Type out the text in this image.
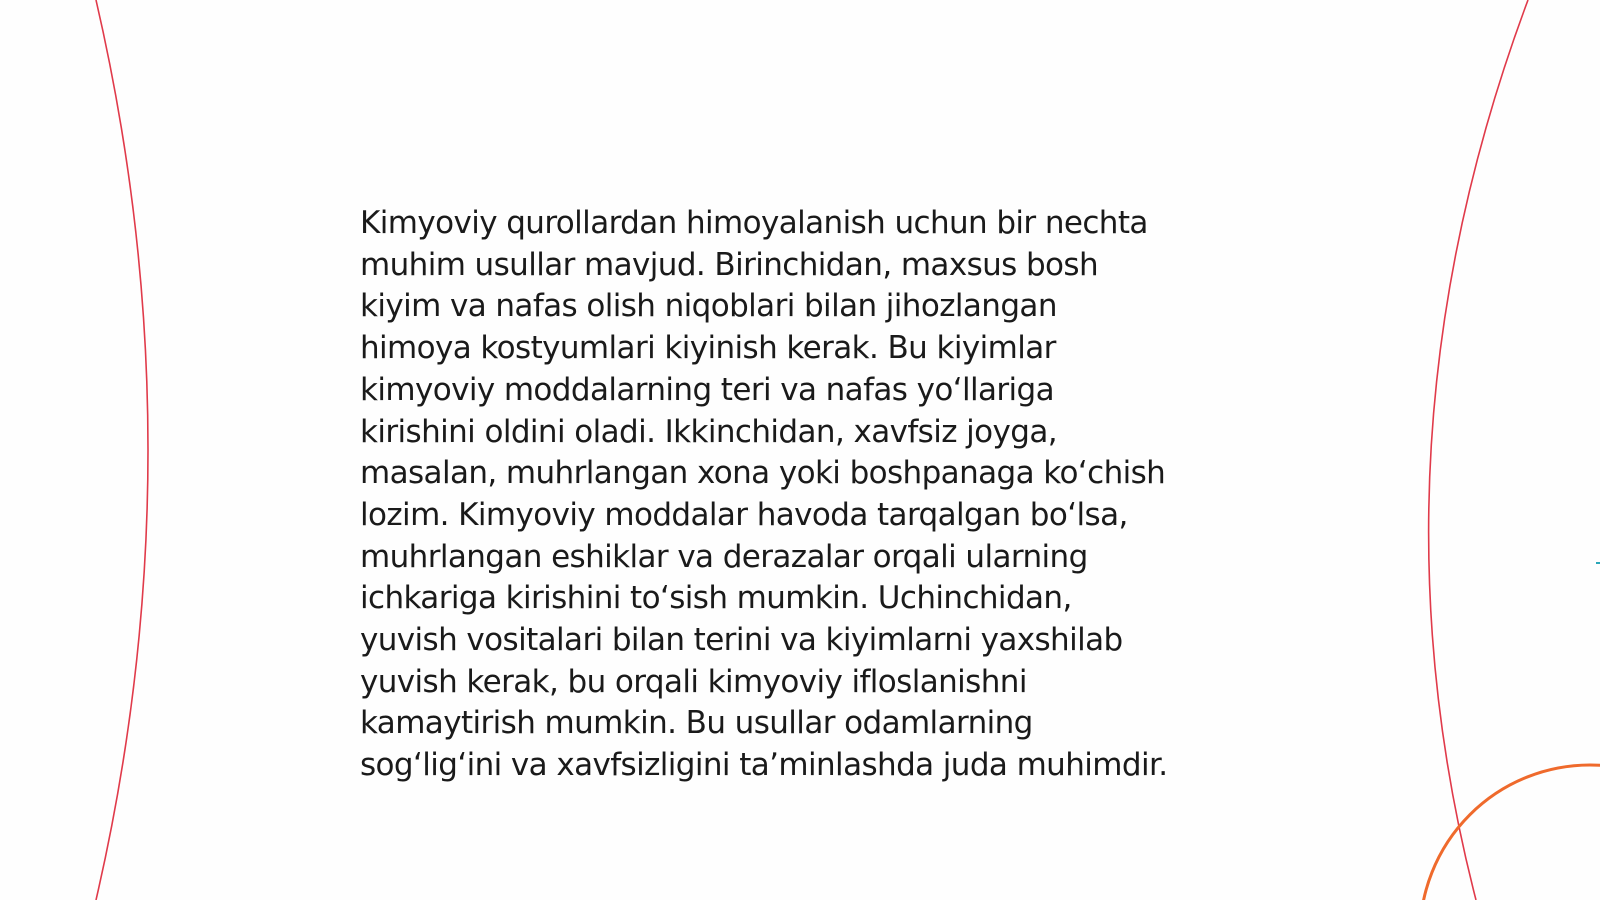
Kimyoviy qurollardan himoyalanish uchun bir nechta
muhim usullar mavjud. Birinchidan, maxsus bosh
kiyim va nafas olish niqoblari bilan jihozlangan
himoya kostyumlari kiyinish kerak. Bu kiyimlar
kimyoviy moddalarning teri va nafas yoʻllariga
kirishini oldini oladi. Ikkinchidan, xavfsiz joyga,
masalan, muhrlangan xona yoki boshpanaga koʻchish
lozim. Kimyoviy moddalar havoda tarqalgan boʻlsa,
muhrlangan eshiklar va derazalar orqali ularning
ichkariga kirishini toʻsish mumkin. Uchinchidan,
yuvish vositalari bilan terini va kiyimlarni yaxshilab
yuvish kerak, bu orqali kimyoviy ifloslanishni
kamaytirish mumkin. Bu usullar odamlarning
sogʻligʻini va xavfsizligini taʼminlashda juda muhimdir.
